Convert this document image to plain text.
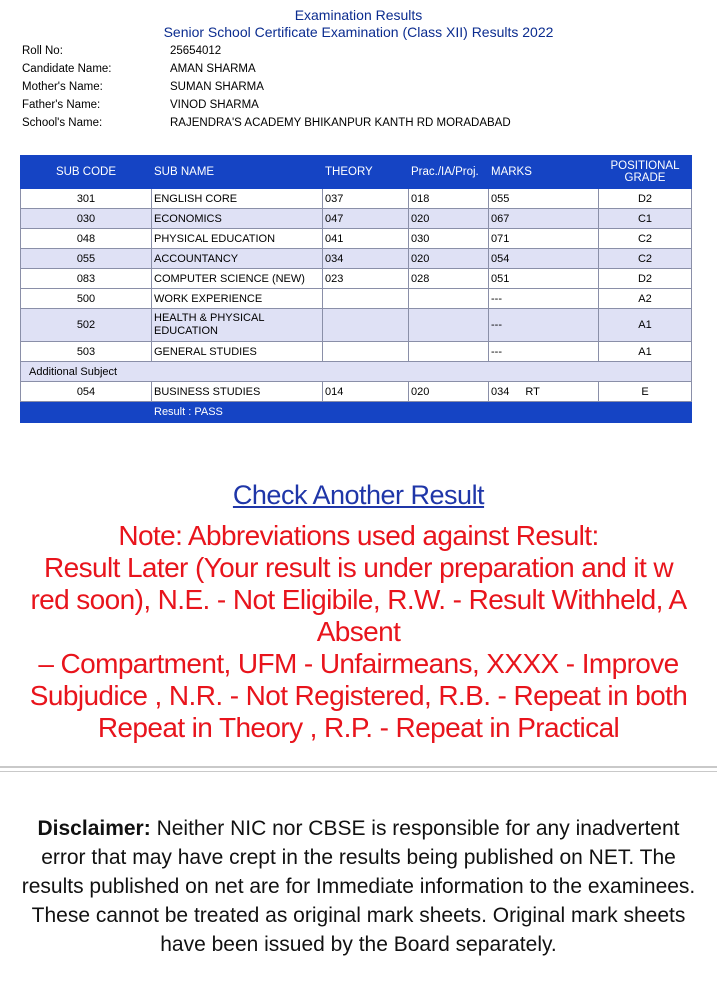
Examination Results
Senior School Certificate Examination (Class XII) Results 2022
Roll No:	25654012
Candidate Name:	AMAN SHARMA
Mother's Name:	SUMAN SHARMA
Father's Name:	VINOD SHARMA
School's Name:	RAJENDRA'S ACADEMY BHIKANPUR KANTH RD MORADABAD
SUB CODE	SUB NAME	THEORY	Prac./IA/Proj.	MARKS	POSITIONAL GRADE
301	ENGLISH CORE	037	018	055	D2
030	ECONOMICS	047	020	067	C1
048	PHYSICAL EDUCATION	041	030	071	C2
055	ACCOUNTANCY	034	020	054	C2
083	COMPUTER SCIENCE (NEW)	023	028	051	D2
500	WORK EXPERIENCE			---	A2
502	HEALTH & PHYSICAL EDUCATION			---	A1
503	GENERAL STUDIES			---	A1
Additional Subject					
054	BUSINESS STUDIES	014	020	034 RT	E
	Result : PASS				
Check Another Result
Note: Abbreviations used against Result:
Result Later (Your result is under preparation and it w
red soon), N.E. - Not Eligibile, R.W. - Result Withheld, A
Absent
– Compartment, UFM - Unfairmeans, XXXX - Improve
Subjudice , N.R. - Not Registered, R.B. - Repeat in both
Repeat in Theory , R.P. - Repeat in Practical
Disclaimer: Neither NIC nor CBSE is responsible for any inadvertent error that may have crept in the results being published on NET. The results published on net are for Immediate information to the examinees. These cannot be treated as original mark sheets. Original mark sheets have been issued by the Board separately.
